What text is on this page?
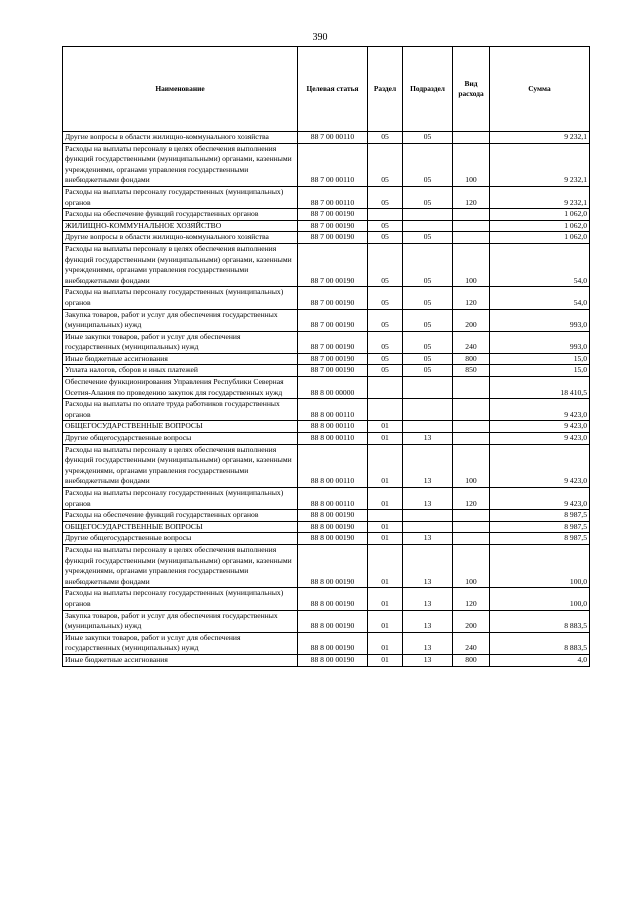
390
Наименование	Целевая статья	Раздел	Подраздел	Вид расхода	Сумма
Другие вопросы в области жилищно-коммунального хозяйства	88 7 00 00110	05	05		9 232,1
Расходы на выплаты персоналу в целях обеспечения выполнения функций государственными (муниципальными) органами, казенными учреждениями, органами управления государственными внебюджетными фондами	88 7 00 00110	05	05	100	9 232,1
Расходы на выплаты персоналу государственных (муниципальных) органов	88 7 00 00110	05	05	120	9 232,1
Расходы на обеспечение функций государственных органов	88 7 00 00190				1 062,0
ЖИЛИЩНО-КОММУНАЛЬНОЕ ХОЗЯЙСТВО	88 7 00 00190	05			1 062,0
Другие вопросы в области жилищно-коммунального хозяйства	88 7 00 00190	05	05		1 062,0
Расходы на выплаты персоналу в целях обеспечения выполнения функций государственными (муниципальными) органами, казенными учреждениями, органами управления государственными внебюджетными фондами	88 7 00 00190	05	05	100	54,0
Расходы на выплаты персоналу государственных (муниципальных) органов	88 7 00 00190	05	05	120	54,0
Закупка товаров, работ и услуг для обеспечения государственных (муниципальных) нужд	88 7 00 00190	05	05	200	993,0
Иные закупки товаров, работ и услуг для обеспечения государственных (муниципальных) нужд	88 7 00 00190	05	05	240	993,0
Иные бюджетные ассигнования	88 7 00 00190	05	05	800	15,0
Уплата налогов, сборов и иных платежей	88 7 00 00190	05	05	850	15,0
Обеспечение функционирования Управления Республики Северная Осетия-Алания по проведению закупок для государственных нужд	88 8 00 00000				18 410,5
Расходы на выплаты по оплате труда работников государственных органов	88 8 00 00110				9 423,0
ОБЩЕГОСУДАРСТВЕННЫЕ ВОПРОСЫ	88 8 00 00110	01			9 423,0
Другие общегосударственные вопросы	88 8 00 00110	01	13		9 423,0
Расходы на выплаты персоналу в целях обеспечения выполнения функций государственными (муниципальными) органами, казенными учреждениями, органами управления государственными внебюджетными фондами	88 8 00 00110	01	13	100	9 423,0
Расходы на выплаты персоналу государственных (муниципальных) органов	88 8 00 00110	01	13	120	9 423,0
Расходы на обеспечение функций государственных органов	88 8 00 00190				8 987,5
ОБЩЕГОСУДАРСТВЕННЫЕ ВОПРОСЫ	88 8 00 00190	01			8 987,5
Другие общегосударственные вопросы	88 8 00 00190	01	13		8 987,5
Расходы на выплаты персоналу в целях обеспечения выполнения функций государственными (муниципальными) органами, казенными учреждениями, органами управления государственными внебюджетными фондами	88 8 00 00190	01	13	100	100,0
Расходы на выплаты персоналу государственных (муниципальных) органов	88 8 00 00190	01	13	120	100,0
Закупка товаров, работ и услуг для обеспечения государственных (муниципальных) нужд	88 8 00 00190	01	13	200	8 883,5
Иные закупки товаров, работ и услуг для обеспечения государственных (муниципальных) нужд	88 8 00 00190	01	13	240	8 883,5
Иные бюджетные ассигнования	88 8 00 00190	01	13	800	4,0
